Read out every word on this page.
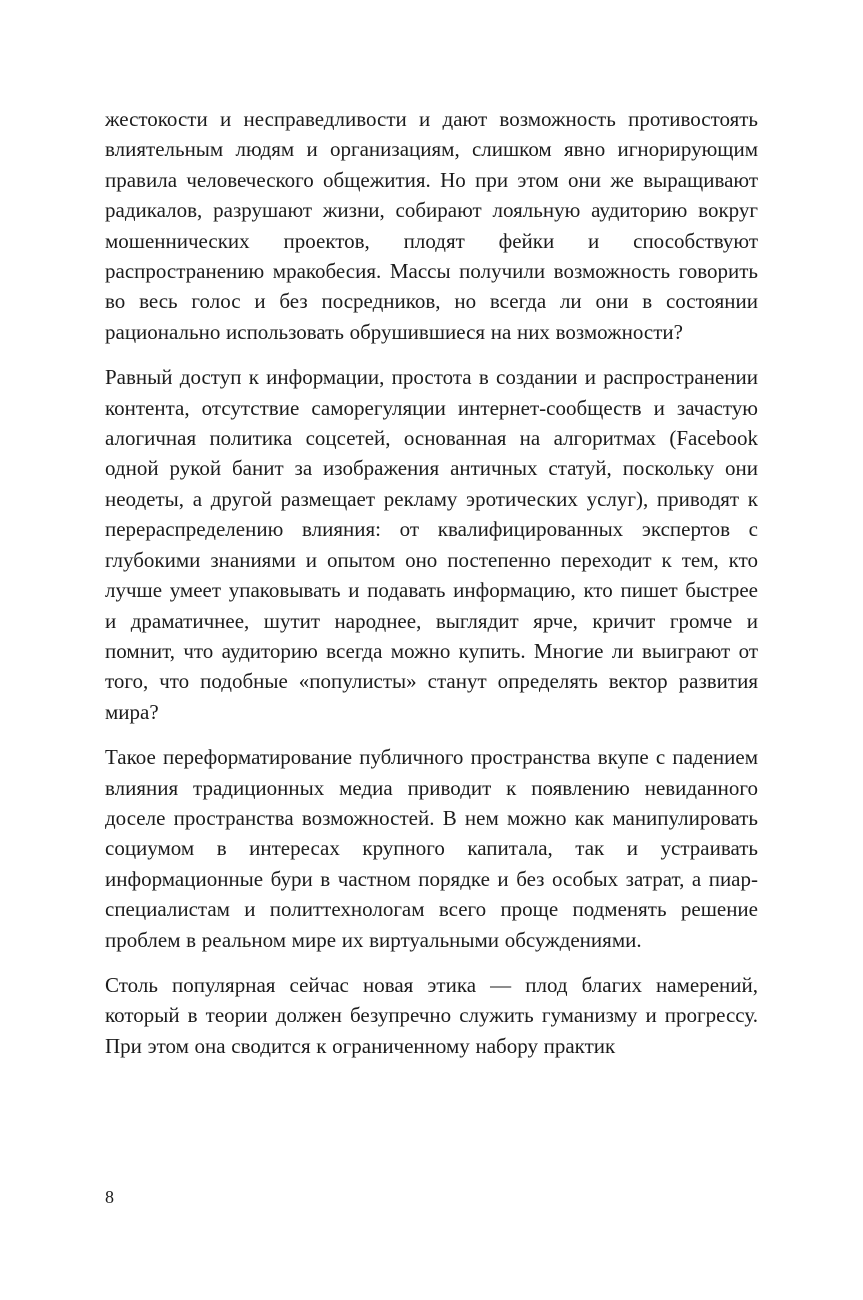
жестокости и несправедливости и дают возможность противостоять влиятельным людям и организациям, слишком явно игнорирующим правила человеческого общежития. Но при этом они же выращивают радикалов, разрушают жизни, собирают лояльную аудиторию вокруг мошеннических проектов, плодят фейки и способствуют распространению мракобесия. Массы получили возможность говорить во весь голос и без посредников, но всегда ли они в состоянии рационально использовать обрушившиеся на них возможности?

Равный доступ к информации, простота в создании и распространении контента, отсутствие саморегуляции интернет-сообществ и зачастую алогичная политика соцсетей, основанная на алгоритмах (Facebook одной рукой банит за изображения античных статуй, поскольку они неодеты, а другой размещает рекламу эротических услуг), приводят к перераспределению влияния: от квалифицированных экспертов с глубокими знаниями и опытом оно постепенно переходит к тем, кто лучше умеет упаковывать и подавать информацию, кто пишет быстрее и драматичнее, шутит народнее, выглядит ярче, кричит громче и помнит, что аудиторию всегда можно купить. Многие ли выиграют от того, что подобные «популисты» станут определять вектор развития мира?

Такое переформатирование публичного пространства вкупе с падением влияния традиционных медиа приводит к появлению невиданного доселе пространства возможностей. В нем можно как манипулировать социумом в интересах крупного капитала, так и устраивать информационные бури в частном порядке и без особых затрат, а пиар-специалистам и политтехнологам всего проще подменять решение проблем в реальном мире их виртуальными обсуждениями.

Столь популярная сейчас новая этика — плод благих намерений, который в теории должен безупречно служить гуманизму и прогрессу. При этом она сводится к ограниченному набору практик

8
